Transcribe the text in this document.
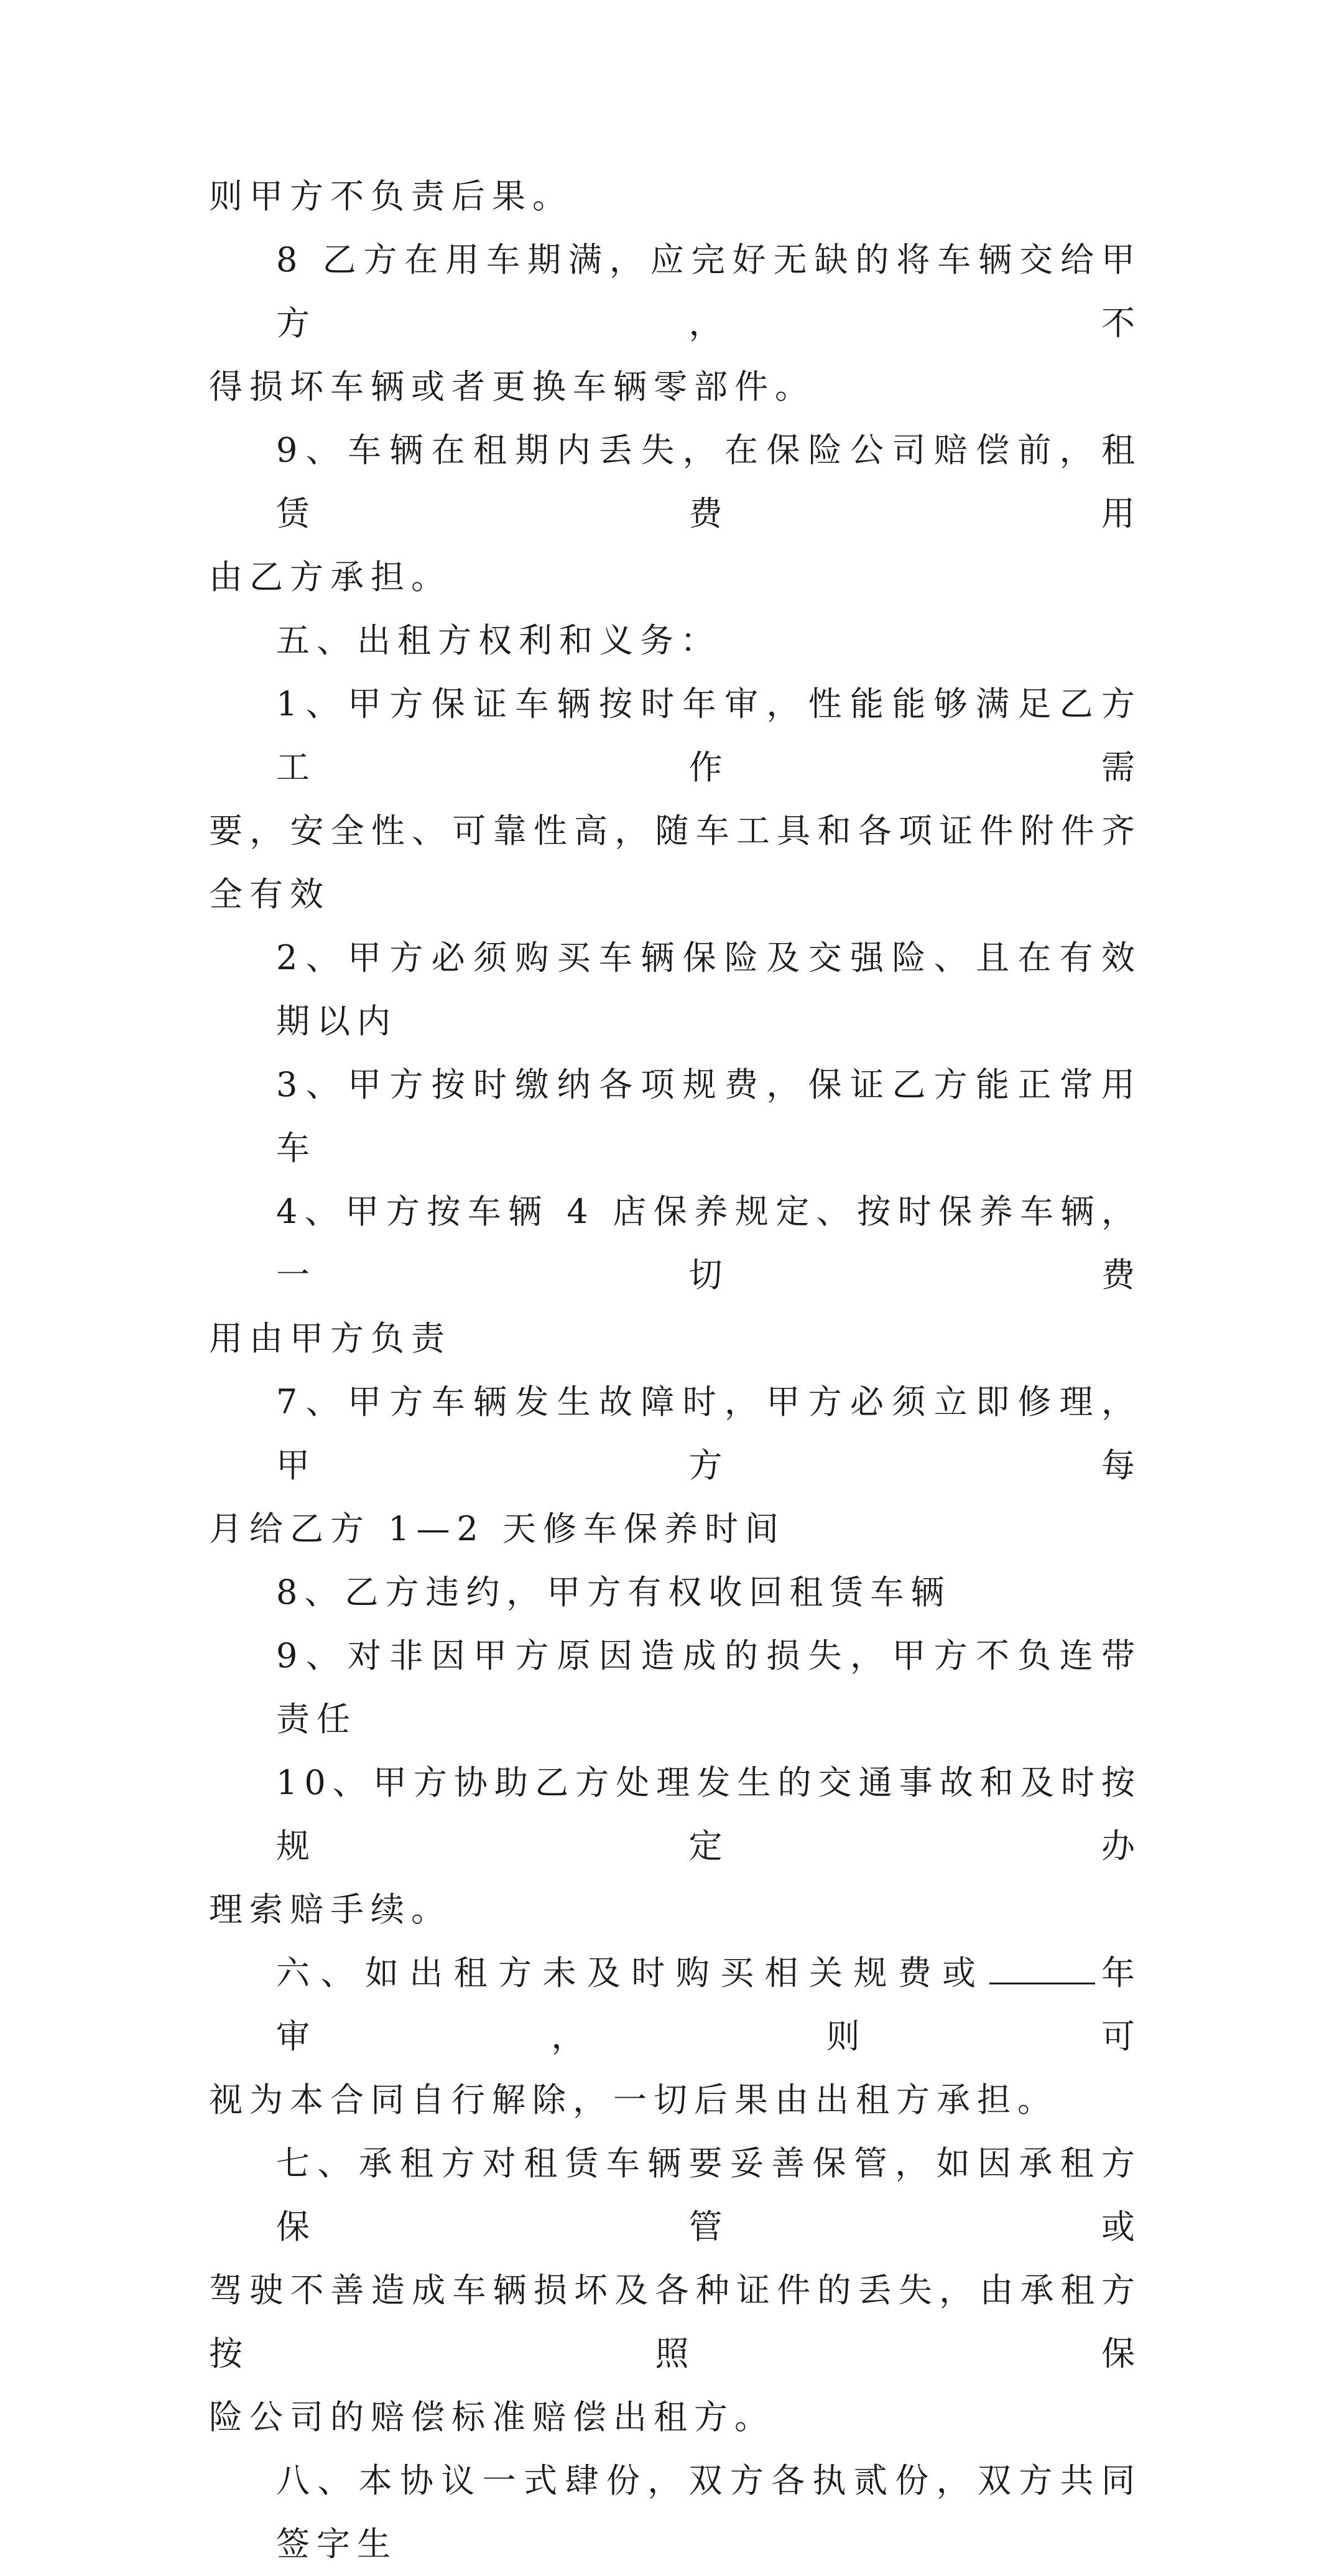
则甲方不负责后果。
8 乙方在用车期满，应完好无缺的将车辆交给甲方，不
得损坏车辆或者更换车辆零部件。
9、车辆在租期内丢失，在保险公司赔偿前，租赁费用
由乙方承担。
五、出租方权利和义务：
1、甲方保证车辆按时年审，性能能够满足乙方工作需
要，安全性、可靠性高，随车工具和各项证件附件齐全有效
2、甲方必须购买车辆保险及交强险、且在有效期以内
3、甲方按时缴纳各项规费，保证乙方能正常用车
4、甲方按车辆 4 店保养规定、按时保养车辆，一切费
用由甲方负责
7、甲方车辆发生故障时，甲方必须立即修理，甲方每
月给乙方 1—2 天修车保养时间
8、乙方违约，甲方有权收回租赁车辆
9、对非因甲方原因造成的损失，甲方不负连带责任
10、甲方协助乙方处理发生的交通事故和及时按规定办
理索赔手续。
六、如出租方未及时购买相关规费或	年审，则可
视为本合同自行解除，一切后果由出租方承担。
七、承租方对租赁车辆要妥善保管，如因承租方保管或
驾驶不善造成车辆损坏及各种证件的丢失，由承租方按照保
险公司的赔偿标准赔偿出租方。
八、本协议一式肆份，双方各执贰份，双方共同签字生
